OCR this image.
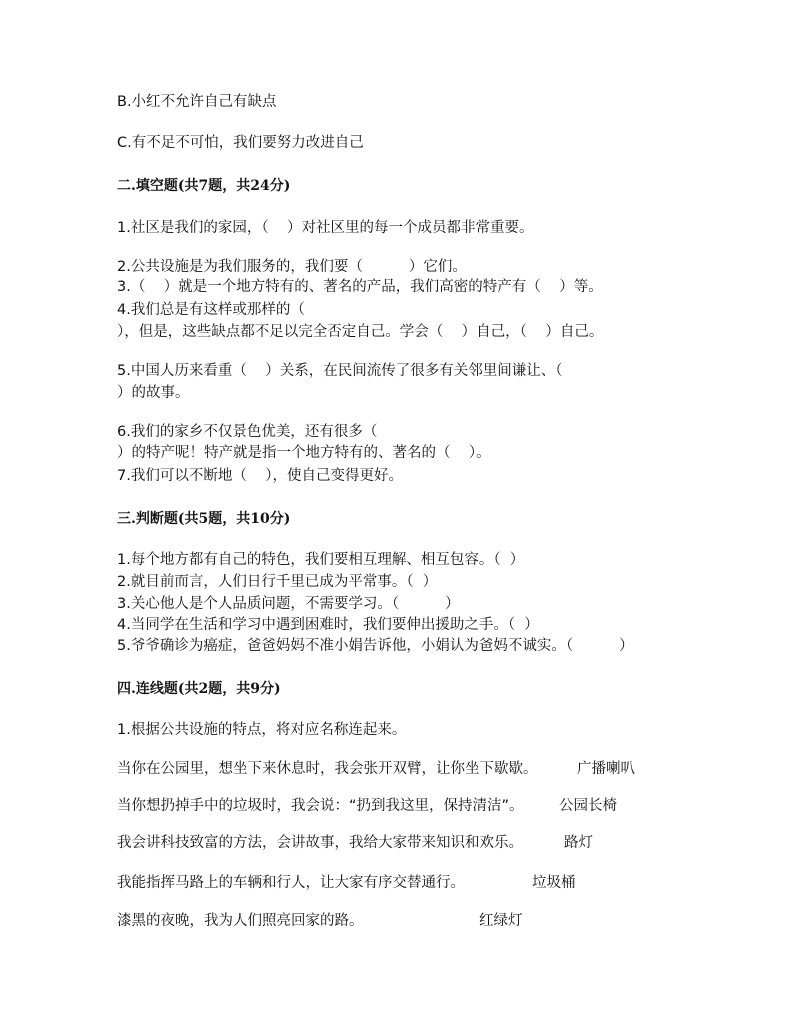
B.小红不允许自己有缺点
C.有不足不可怕，我们要努力改进自己
二.填空题(共7题，共24分)
1.社区是我们的家园，（    ）对社区里的每一个成员都非常重要。
2.公共设施是为我们服务的，我们要（          ）它们。
3.（    ）就是一个地方特有的、著名的产品，我们高密的特产有（    ）等。
4.我们总是有这样或那样的（
），但是，这些缺点都不足以完全否定自己。学会（    ）自己，（    ）自己。
5.中国人历来看重（    ）关系，在民间流传了很多有关邻里间谦让、（
）的故事。
6.我们的家乡不仅景色优美，还有很多（
）的特产呢！特产就是指一个地方特有的、著名的（    ）。
7.我们可以不断地（    ），使自己变得更好。
三.判断题(共5题，共10分)
1.每个地方都有自己的特色，我们要相互理解、相互包容。（  ）
2.就目前而言，人们日行千里已成为平常事。（  ）
3.关心他人是个人品质问题，不需要学习。（          ）
4.当同学在生活和学习中遇到困难时，我们要伸出援助之手。（  ）
5.爷爷确诊为癌症，爸爸妈妈不准小娟告诉他，小娟认为爸妈不诚实。（          ）
四.连线题(共2题，共9分)
1.根据公共设施的特点，将对应名称连起来。
当你在公园里，想坐下来休息时，我会张开双臂，让你坐下歇歇。	广播喇叭
当你想扔掉手中的垃圾时，我会说：“扔到我这里，保持清洁”。 公园长椅
我会讲科技致富的方法，会讲故事，我给大家带来知识和欢乐。	路灯
我能指挥马路上的车辆和行人，让大家有序交替通行。	垃圾桶
漆黑的夜晚，我为人们照亮回家的路。	红绿灯
